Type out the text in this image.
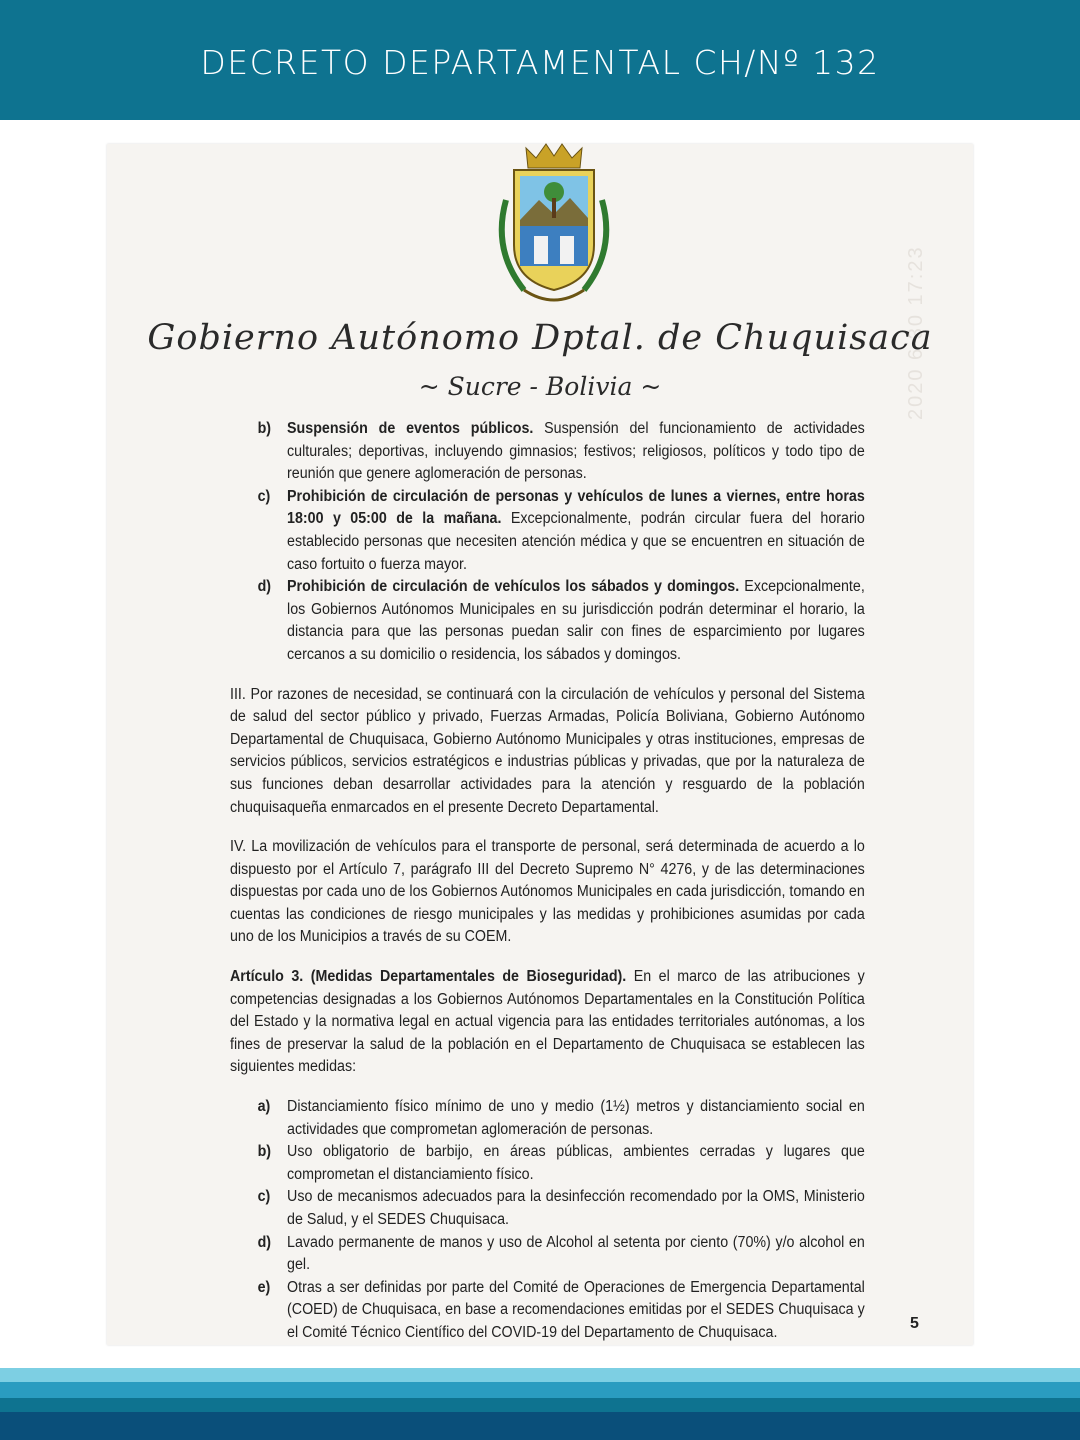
DECRETO DEPARTAMENTAL CH/Nº 132
2020 6 30 17:23
Gobierno Autónomo Dptal. de Chuquisaca
~ Sucre - Bolivia ~
b)	Suspensión de eventos públicos. Suspensión del funcionamiento de actividades culturales; deportivas, incluyendo gimnasios; festivos; religiosos, políticos y todo tipo de reunión que genere aglomeración de personas.
c)	Prohibición de circulación de personas y vehículos de lunes a viernes, entre horas 18:00 y 05:00 de la mañana. Excepcionalmente, podrán circular fuera del horario establecido personas que necesiten atención médica y que se encuentren en situación de caso fortuito o fuerza mayor.
d)	Prohibición de circulación de vehículos los sábados y domingos. Excepcionalmente, los Gobiernos Autónomos Municipales en su jurisdicción podrán determinar el horario, la distancia para que las personas puedan salir con fines de esparcimiento por lugares cercanos a su domicilio o residencia, los sábados y domingos.
III. Por razones de necesidad, se continuará con la circulación de vehículos y personal del Sistema de salud del sector público y privado, Fuerzas Armadas, Policía Boliviana, Gobierno Autónomo Departamental de Chuquisaca, Gobierno Autónomo Municipales y otras instituciones, empresas de servicios públicos, servicios estratégicos e industrias públicas y privadas, que por la naturaleza de sus funciones deban desarrollar actividades para la atención y resguardo de la población chuquisaqueña enmarcados en el presente Decreto Departamental.
IV. La movilización de vehículos para el transporte de personal, será determinada de acuerdo a lo dispuesto por el Artículo 7, parágrafo III del Decreto Supremo N° 4276, y de las determinaciones dispuestas por cada uno de los Gobiernos Autónomos Municipales en cada jurisdicción, tomando en cuentas las condiciones de riesgo municipales y las medidas y prohibiciones asumidas por cada uno de los Municipios a través de su COEM.
Artículo 3. (Medidas Departamentales de Bioseguridad). En el marco de las atribuciones y competencias designadas a los Gobiernos Autónomos Departamentales en la Constitución Política del Estado y la normativa legal en actual vigencia para las entidades territoriales autónomas, a los fines de preservar la salud de la población en el Departamento de Chuquisaca se establecen las siguientes medidas:
a)	Distanciamiento físico mínimo de uno y medio (1½) metros y distanciamiento social en actividades que comprometan aglomeración de personas.
b)	Uso obligatorio de barbijo, en áreas públicas, ambientes cerradas y lugares que comprometan el distanciamiento físico.
c)	Uso de mecanismos adecuados para la desinfección recomendado por la OMS, Ministerio de Salud, y el SEDES Chuquisaca.
d)	Lavado permanente de manos y uso de Alcohol al setenta por ciento (70%) y/o alcohol en gel.
e)	Otras a ser definidas por parte del Comité de Operaciones de Emergencia Departamental (COED) de Chuquisaca, en base a recomendaciones emitidas por el SEDES Chuquisaca y el Comité Técnico Científico del COVID-19 del Departamento de Chuquisaca.
5
